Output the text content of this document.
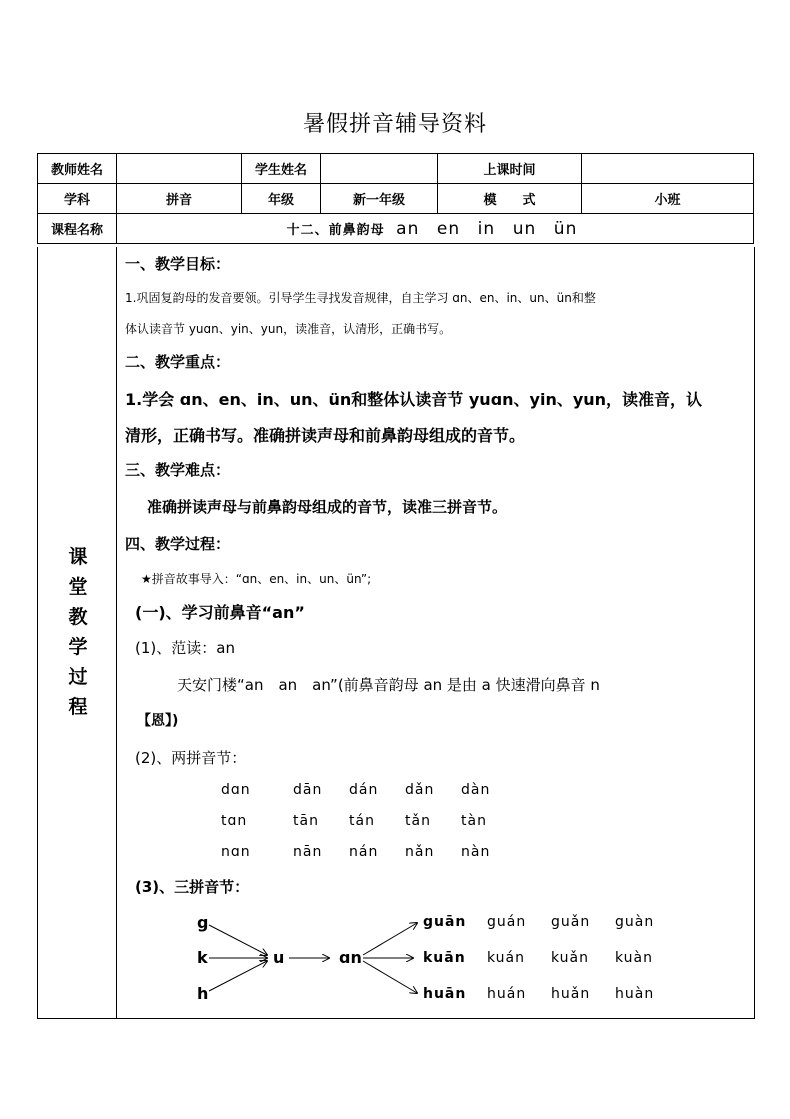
暑假拼音辅导资料
教师姓名		学生姓名		上课时间	
学科	拼音	年级	新一年级	模　　式	小班
课程名称	十二、前鼻韵母 an en in un ün				
课
堂
教
学
过
程
一、教学目标：
1.巩固复韵母的发音要领。引导学生寻找发音规律，自主学习 ɑn、en、in、un、ün和整
体认读音节 yuɑn、yin、yun，读准音，认清形，正确书写。
二、教学重点：
1.学会 ɑn、en、in、un、ün和整体认读音节 yuɑn、yin、yun，读准音，认
清形，正确书写。准确拼读声母和前鼻韵母组成的音节。
三、教学难点：
准确拼读声母与前鼻韵母组成的音节，读准三拼音节。
四、教学过程：
★拼音故事导入：“ɑn、en、in、un、ün”;
(一)、学习前鼻音“an”
(1)、范读：an
天安门楼“an　an　an”(前鼻音韵母 an 是由 a 快速滑向鼻音 n
【恩】)
(2)、两拼音节：
dɑn	dān dán dǎn dàn
tɑn	tān tán tǎn tàn
nɑn	nān nán nǎn nàn
(3)、三拼音节：
g
k
h
u	ɑn
guān guán guǎn guàn
kuān kuán kuǎn kuàn
huān huán huǎn huàn
